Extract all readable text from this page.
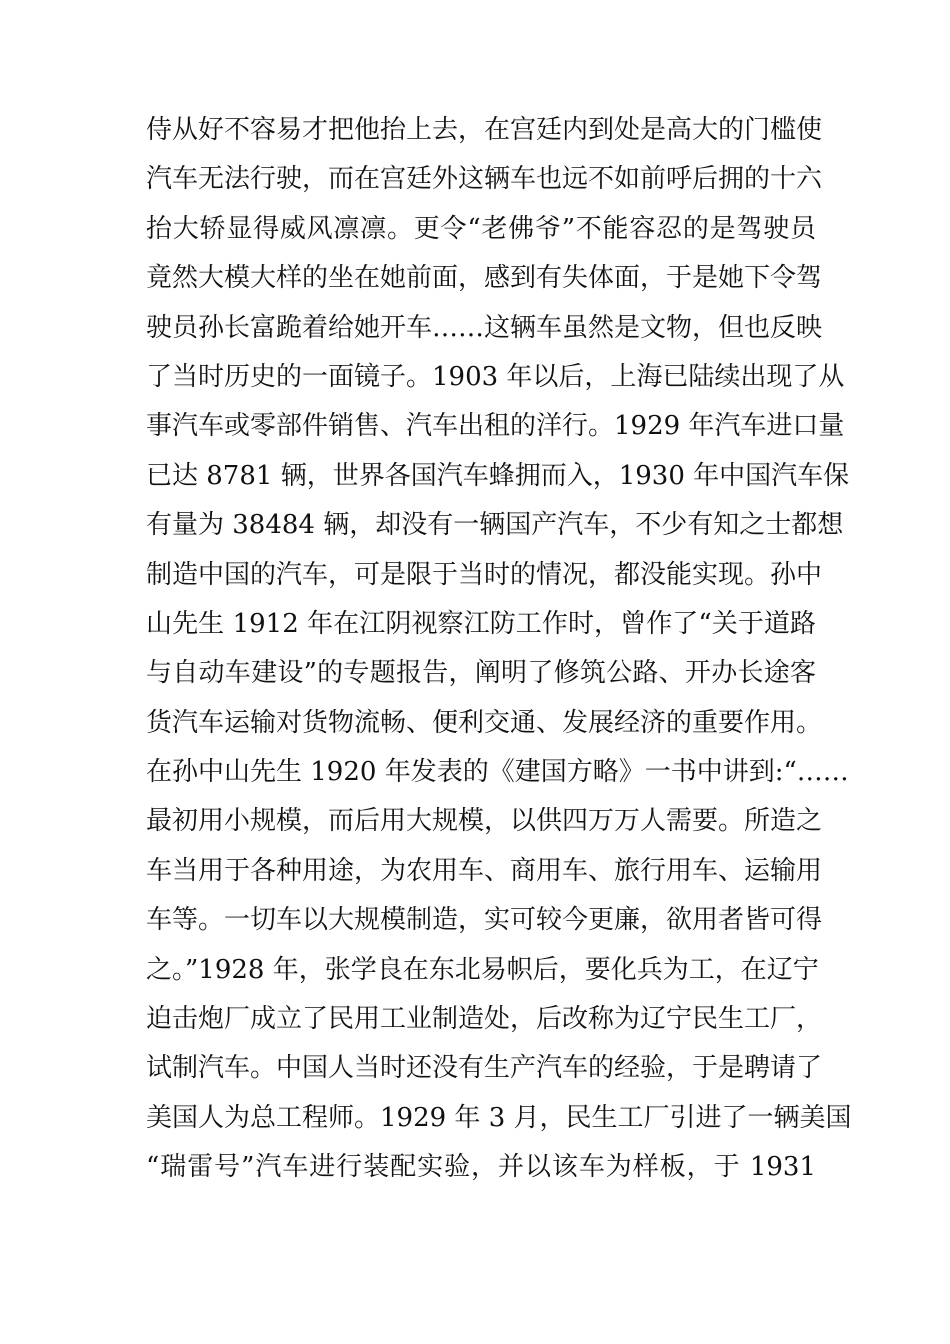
侍从好不容易才把他抬上去，在宫廷内到处是高大的门槛使
汽车无法行驶，而在宫廷外这辆车也远不如前呼后拥的十六
抬大轿显得威风凛凛。更令“老佛爷”不能容忍的是驾驶员
竟然大模大样的坐在她前面，感到有失体面，于是她下令驾
驶员孙长富跪着给她开车……这辆车虽然是文物，但也反映
了当时历史的一面镜子。1903 年以后，上海已陆续出现了从
事汽车或零部件销售、汽车出租的洋行。1929 年汽车进口量
已达 8781 辆，世界各国汽车蜂拥而入，1930 年中国汽车保
有量为 38484 辆，却没有一辆国产汽车，不少有知之士都想
制造中国的汽车，可是限于当时的情况，都没能实现。孙中
山先生 1912 年在江阴视察江防工作时，曾作了“关于道路
与自动车建设”的专题报告，阐明了修筑公路、开办长途客
货汽车运输对货物流畅、便利交通、发展经济的重要作用。
在孙中山先生 1920 年发表的《建国方略》一书中讲到:“……
最初用小规模，而后用大规模，以供四万万人需要。所造之
车当用于各种用途，为农用车、商用车、旅行用车、运输用
车等。一切车以大规模制造，实可较今更廉，欲用者皆可得
之。”1928 年，张学良在东北易帜后，要化兵为工，在辽宁
迫击炮厂成立了民用工业制造处，后改称为辽宁民生工厂，
试制汽车。中国人当时还没有生产汽车的经验，于是聘请了
美国人为总工程师。1929 年 3 月，民生工厂引进了一辆美国
“瑞雷号”汽车进行装配实验，并以该车为样板，于 1931
